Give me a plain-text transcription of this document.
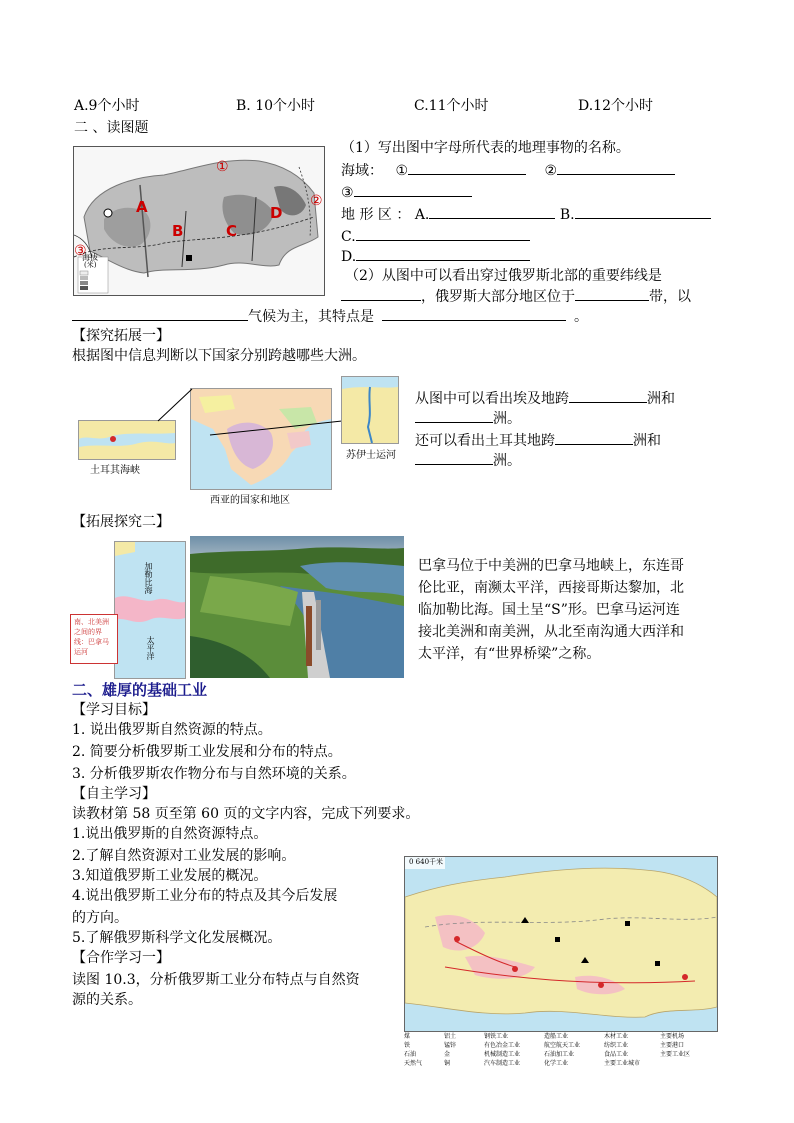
A.9个小时	B. 10个小时	C.11个小时	D.12个小时
二 、读图题
①
②
③
A
B	C
D
海拔
(米)
（1）写出图中字母所代表的地理事物的名称。
海域： ①	②
③
地 形 区 ： A.	B.
C.
D.
（2）从图中可以看出穿过俄罗斯北部的重要纬线是
，俄罗斯大部分地区位于	带，以
气候为主，其特点是	。
【探究拓展一】
根据图中信息判断以下国家分别跨越哪些大洲。
土耳其海峡
西亚的国家和地区
苏伊士运河
从图中可以看出埃及地跨	洲和
洲。
还可以看出土耳其地跨	洲和
洲。
【拓展探究二】
加勒比海
太平洋
南、北美洲
之间的界
线：巴拿马
运河
巴拿马位于中美洲的巴拿马地峡上，东连哥
伦比亚，南濒太平洋，西接哥斯达黎加，北
临加勒比海。国土呈“S”形。巴拿马运河连
接北美洲和南美洲，从北至南沟通大西洋和
太平洋，有“世界桥梁”之称。
二、雄厚的基础工业
【学习目标】
1. 说出俄罗斯自然资源的特点。
2. 简要分析俄罗斯工业发展和分布的特点。
3. 分析俄罗斯农作物分布与自然环境的关系。
【自主学习】
读教材第 58 页至第 60 页的文字内容，完成下列要求。
1.说出俄罗斯的自然资源特点。
2.了解自然资源对工业发展的影响。
3.知道俄罗斯工业发展的概况。
4.说出俄罗斯工业分布的特点及其今后发展
的方向。
5.了解俄罗斯科学文化发展概况。
【合作学习一】
读图 10.3，分析俄罗斯工业分布特点与自然资
源的关系。
0 640千米
煤
铁
石油
天然气
铝土
锰锌
金
铜
钢铁工业
有色冶金工业
机械制造工业
汽车制造工业
造船工业
航空航天工业
石油加工业
化学工业
木材工业
纺织工业
食品工业
主要工业城市
主要机场
主要港口
主要工业区
